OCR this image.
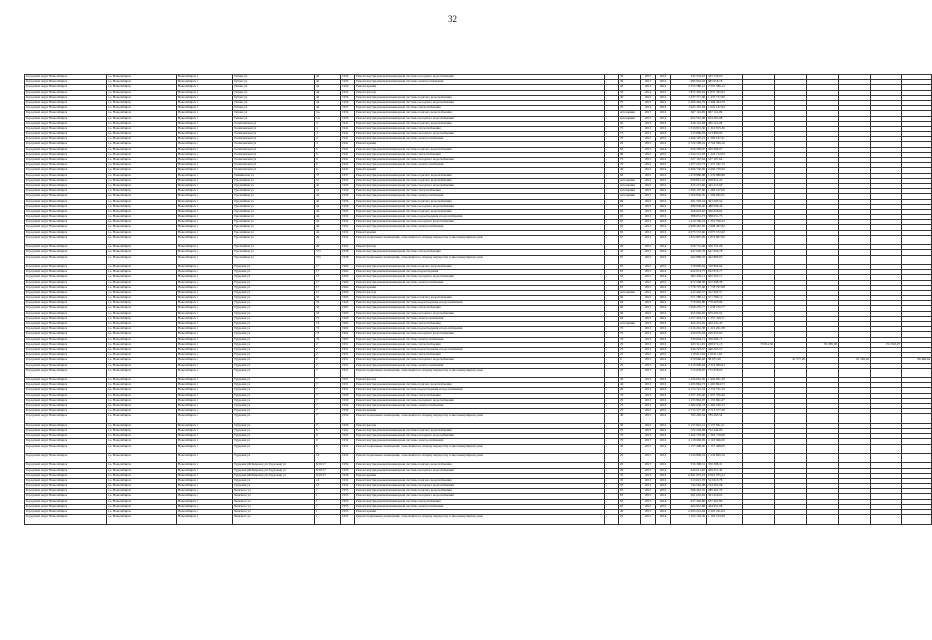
32
Городской округ Новосибирск	г.о. Новосибирск	Новосибирск г	Титова ул	42	1959	Ремонт внутридомовой инженерной системы холодного водоснабжения	-	39	2015	2016	345 534,63	345 534,63						
Городской округ Новосибирск	г.о. Новосибирск	Новосибирск г	Титова ул	42	1959	Ремонт внутридомовой инженерной системы электроснабжения	-	39	2015	2016	685 918,18	685 918,18						
Городской округ Новосибирск	г.о. Новосибирск	Новосибирск г	Титова ул	42	1959	Ремонт крыши	-	43	2014	2016	2 555 586,12	2 555 586,12						
Городской округ Новосибирск	г.о. Новосибирск	Новосибирск г	Титова ул	44	1956	Ремонт фасада	-	35	2014	2016	1 875 365,63	1 875 365,63						
Городской округ Новосибирск	г.о. Новосибирск	Новосибирск г	Титова ул	44	1956	Ремонт внутридомовой инженерной системы горячего водоснабжения	-	40	2015	2016	1 237 717,06	1 237 717,06						
Городской округ Новосибирск	г.о. Новосибирск	Новосибирск г	Титова ул	44	1956	Ремонт внутридомовой инженерной системы холодного водоснабжения	-	70	2015	2016	2 406 464,79	2 406 464,79						
Городской округ Новосибирск	г.о. Новосибирск	Новосибирск г	Титова ул	44	1957	Ремонт внутридомовой инженерной системы теплоснабжения	-	25	2014	2016	1 625 167,04	1 625 167,04						
Городской округ Новосибирск	г.о. Новосибирск	Новосибирск г	Титова ул	5 к	1956	Ремонт внутридомовой инженерной системы горячего водоснабжения	-	истощения	2015	2016	667 116,09	667 116,09						
Городской округ Новосибирск	г.о. Новосибирск	Новосибирск г	Титова ул	5 к	1956	Ремонт внутридомовой инженерной системы холодного водоснабжения	-	истощения	2015	2016	654 591,08	654 591,08						
Городской округ Новосибирск	г.о. Новосибирск	Новосибирск г	Толмачевская ул	4	1941	Ремонт внутридомовой инженерной системы горячего водоснабжения	-	60	2015	2016	436 110,28	436 110,28						
Городской округ Новосибирск	г.о. Новосибирск	Новосибирск г	Толмачевская ул	4	1941	Ремонт внутридомовой инженерной системы теплоснабжения	-	75	2015	2016	1 316 815,36	1 316 815,36						
Городской округ Новосибирск	г.о. Новосибирск	Новосибирск г	Толмачевская ул	4	1941	Ремонт внутридомовой инженерной системы холодного водоснабжения	-	75	2015	2016	513 890,03	513 890,03						
Городской округ Новосибирск	г.о. Новосибирск	Новосибирск г	Толмачевская ул	4	1941	Ремонт внутридомовой инженерной системы электроснабжения	-	70	2015	2016	1 266 197,21	1 266 197,21						
Городской округ Новосибирск	г.о. Новосибирск	Новосибирск г	Толмачевская ул	4	1941	Ремонт крыши	-	20	2015	2016	2 722 599,16	2 722 599,16						
Городской округ Новосибирск	г.о. Новосибирск	Новосибирск г	Толмачевская ул	6	1941	Ремонт внутридомовой инженерной системы горячего водоснабжения	-	65	2015	2016	456 599,07	456 599,07						
Городской округ Новосибирск	г.о. Новосибирск	Новосибирск г	Толмачевская ул	6	1941	Ремонт внутридомовой инженерной системы теплоснабжения	-	80	2015	2016	1 324 712,03	1 324 712,03						
Городской округ Новосибирск	г.о. Новосибирск	Новосибирск г	Толмачевская ул	6	1941	Ремонт внутридомовой инженерной системы холодного водоснабжения	-	75	2015	2016	527 167,64	527 167,64						
Городской округ Новосибирск	г.о. Новосибирск	Новосибирск г	Толмачевская ул	6	1941	Ремонт внутридомовой инженерной системы электроснабжения	-	70	2015	2016	1 257 241,73	1 257 241,73						
Городской округ Новосибирск	г.о. Новосибирск	Новосибирск г	Толмачевская ул	6	1941	Ремонт крыши	-	40	2015	2016	2 666 730,69	2 666 730,69						
Городской округ Новосибирск	г.о. Новосибирск	Новосибирск г	Тихвинская ул	37	1957	Ремонт внутридомовой инженерной системы горячего водоснабжения	-	60	2015	2016	1 279 886,88	1 279 886,88						
Городской округ Новосибирск	г.о. Новосибирск	Новосибирск г	Троллейная ул	51	1950	Ремонт внутридомовой инженерной системы горячего водоснабжения	-	истощения	2015	2016	658 812,22	658 812,22						
Городской округ Новосибирск	г.о. Новосибирск	Новосибирск г	Троллейная ул	41	1950	Ремонт внутридомовой инженерной системы холодного водоснабжения	-	истощения	2015	2016	425 215,60	425 215,60						
Городской округ Новосибирск	г.о. Новосибирск	Новосибирск г	Троллейная ул	41	1950	Ремонт внутридомовой инженерной системы теплоснабжения	-	истощения	2015	2016	1 266 107,06	1 266 107,06						
Городской округ Новосибирск	г.о. Новосибирск	Новосибирск г	Троллейная ул	41	1950	Ремонт внутридомовой инженерной системы электроснабжения	-	истощения	2015	2016	1 306 856,05	1 306 856,05						
Городской округ Новосибирск	г.о. Новосибирск	Новосибирск г	Троллейная ул	42	1956	Ремонт внутридомовой инженерной системы горячего водоснабжения	-	69	2015	2016	361 503,54	361 503,54						
Городской округ Новосибирск	г.о. Новосибирск	Новосибирск г	Троллейная ул	42	1956	Ремонт внутридомовой инженерной системы холодного водоснабжения	-	65	2015	2016	480 936,40	480 936,40						
Городской округ Новосибирск	г.о. Новосибирск	Новосибирск г	Троллейная ул	44	1952	Ремонт внутридомовой инженерной системы горячего водоснабжения	-	65	2015	2016	366 618,62	366 618,62						
Городской округ Новосибирск	г.о. Новосибирск	Новосибирск г	Троллейная ул	44	1952	Ремонт внутридомовой инженерной системы водоотведения и водоснабжения	-	65	2015	2016	388 051,73	388 051,73						
Городской округ Новосибирск	г.о. Новосибирск	Новосибирск г	Троллейная ул	44	1952	Ремонт внутридомовой инженерной системы холодного водоснабжения	-	65	2015	2016	1 210 796,23	1 210 796,23						
Городской округ Новосибирск	г.о. Новосибирск	Новосибирск г	Троллейная ул	44	1952	Ремонт внутридомовой инженерной системы электроснабжения	-	65	2015	2016	2 998 467,82	2 998 467,82						
Городской округ Новосибирск	г.о. Новосибирск	Новосибирск г	Троллейная ул	44	1952	Ремонт крыши	-	65	2015	2016	2 075 572,60	2 075 572,60						
Городской округ Новосибирск	г.о. Новосибирск	Новосибирск г	Троллейная ул	49	1952	Ремонт подвальных помещений, относящихся к общему имуществу в многоквартирном доме	-	67	2015	2016	1 872 807,09	1 872 807,09						
Городской округ Новосибирск	г.о. Новосибирск	Новосибирск г	Троллейная ул	49	1952	Ремонт фасада	-	45	2015	2016	326 731,06	326 731,06						
Городской округ Новосибирск	г.о. Новосибирск	Новосибирск г	Троллейная ул	57а	1958	Ремонт внутридомовой инженерной системы теплоснабжения	-	45	2015	2016	647 626,78	647 626,78						
Городской округ Новосибирск	г.о. Новосибирск	Новосибирск г	Троллейная ул	57а	1958	Ремонт подвальных помещений, относящихся к общему имуществу в многоквартирном доме	-	67	2015	2016	462 889,03	462 889,03						
Городской округ Новосибирск	г.о. Новосибирск	Новосибирск г	Трудовая ул	17	1960	Ремонт внутридомовой инженерной системы горячего водоснабжения	-	65	2015	2016	318 800,64	318 800,64						
Городской округ Новосибирск	г.о. Новосибирск	Новосибирск г	Трудовая ул	17	1960	Ремонт внутридомовой инженерной системы водоотведения	-	65	2015	2016	922 974,77	922 974,77						
Городской округ Новосибирск	г.о. Новосибирск	Новосибирск г	Трудовая ул	17	1960	Ремонт внутридомовой инженерной системы холодного водоснабжения	-	65	2015	2016	602 205,11	602 205,11						
Городской округ Новосибирск	г.о. Новосибирск	Новосибирск г	Трудовая ул	17	1960	Ремонт внутридомовой инженерной системы электроснабжения	-	65	2015	2016	972 268,38	972 268,38						
Городской округ Новосибирск	г.о. Новосибирск	Новосибирск г	Трудовая ул	17	1960	Ремонт крыши	-	65	2015	2016	1 778 707,68	1 778 707,68						
Городской округ Новосибирск	г.о. Новосибирск	Новосибирск г	Трудовая ул	17	1960	Ремонт фасада	-	истощения	2015	2016	412 462,57	412 462,57						
Городской округ Новосибирск	г.о. Новосибирск	Новосибирск г	Трудовая ул	33	1965	Ремонт внутридомовой инженерной системы горячего водоснабжения	-	60	2015	2016	571 780,12	571 780,12						
Городской округ Новосибирск	г.о. Новосибирск	Новосибирск г	Трудовая ул	33	1965	Ремонт внутридомовой инженерной системы водоотведения и водоснабжения	-	60	2015	2016	779 665,86	779 665,86						
Городской округ Новосибирск	г.о. Новосибирск	Новосибирск г	Трудовая ул	33	1965	Ремонт внутридомовой инженерной системы теплоснабжения	-	60	2015	2016	1 658 270,77	1 658 270,77						
Городской округ Новосибирск	г.о. Новосибирск	Новосибирск г	Трудовая ул	33	1965	Ремонт внутридомовой инженерной системы холодного водоснабжения	-	60	2015	2016	655 002,02	655 002,02						
Городской округ Новосибирск	г.о. Новосибирск	Новосибирск г	Трудовая ул	72	1960	Ремонт внутридомовой инженерной системы электроснабжения	-	60	2015	2016	1 257 419,71	1 257 419,71						
Городской округ Новосибирск	г.о. Новосибирск	Новосибирск г	Трудовая ул	74	1962	Ремонт внутридомовой инженерной системы теплоснабжения	-	истощения	2015	2016	462 431,45	462 431,45						
Городской округ Новосибирск	г.о. Новосибирск	Новосибирск г	Трудовая ул	74	1962	Ремонт внутридомовой инженерной системы водоотведения и водоснабжения	-	70	2015	2016	1 216 261,38	1 216 261,38						
Городской округ Новосибирск	г.о. Новосибирск	Новосибирск г	Трудовая ул	74	1962	Ремонт внутридомовой инженерной системы холодного водоснабжения	-	70	2015	2016	220 655,63	220 655,63						
Городской округ Новосибирск	г.о. Новосибирск	Новосибирск г	Трудовая ул	76	1963	Ремонт внутридомовой инженерной системы электроснабжения	-	70	2015	2016	330 694,71	330 694,71						
Городской округ Новосибирск	г.о. Новосибирск	Новосибирск г	Трудовая ул	2	1951	Ремонт внутридомовой инженерной системы теплоснабжения	-	25	2015	2016	263 311,65	268 071,13	79 814,56		81 985,00		151 843,07	
Городской округ Новосибирск	г.о. Новосибирск	Новосибирск г	Трудовая ул	2	1951	Ремонт внутридомовой инженерной системы водоотведения и водоснабжения	-	25	2015	2016	446 323,57	446 323,57						
Городской округ Новосибирск	г.о. Новосибирск	Новосибирск г	Трудовая ул	2	1951	Ремонт внутридомовой инженерной системы теплоснабжения	-	25	2015	2016	119 611,92	119 611,92						
Городской округ Новосибирск	г.о. Новосибирск	Новосибирск г	Трудовая ул	2	1951	Ремонт внутридомовой инженерной системы холодного водоснабжения	-	0	2015	2016	279 966,62	58 971,40		41 577,26		61 592,42		96 469,64
Городской округ Новосибирск	г.о. Новосибирск	Новосибирск г	Трудовая ул	2	1951	Ремонт внутридомовой инженерной системы электроснабжения	-	25	2015	2016	2 316 900,64	2 316 900,64						
Городской округ Новосибирск	г.о. Новосибирск	Новосибирск г	Трудовая ул	7	1951	Ремонт подвальных помещений, относящихся к общему имуществу в многоквартирном доме	-	47	2015	2016	715 678,05	715 678,05						
Городской округ Новосибирск	г.о. Новосибирск	Новосибирск г	Трудовая ул	7	1951	Ремонт фасада	-	40	2015	2016	1 456 691,36	1 456 691,36						
Городской округ Новосибирск	г.о. Новосибирск	Новосибирск г	Трудовая ул	7	1951	Ремонт внутридомовой инженерной системы горячего водоснабжения	-	40	2015	2016	1 265 864,73	1 265 864,73						
Городской округ Новосибирск	г.о. Новосибирск	Новосибирск г	Трудовая ул	7	1951	Ремонт внутридомовой инженерной системы водоотведения и водоснабжения	-	40	2015	2016	2 174 741,34	2 174 741,34						
Городской округ Новосибирск	г.о. Новосибирск	Новосибирск г	Трудовая ул	7	1950	Ремонт внутридомовой инженерной системы теплоснабжения	-	70	2015	2016	1 057 376,46	1 057 376,46						
Городской округ Новосибирск	г.о. Новосибирск	Новосибирск г	Трудовая ул	7	1950	Ремонт внутридомовой инженерной системы холодного водоснабжения	-	25	2015	2016	1 155 861,07	1 155 861,07						
Городской округ Новосибирск	г.о. Новосибирск	Новосибирск г	Трудовая ул	7	1950	Ремонт внутридомовой инженерной системы электроснабжения	-	25	2015	2016	1 482 636,73	1 482 636,73						
Городской округ Новосибирск	г.о. Новосибирск	Новосибирск г	Трудовая ул	7	1950	Ремонт крыши	-	25	2015	2016	2 713 577,28	2 713 577,28						
Городской округ Новосибирск	г.о. Новосибирск	Новосибирск г	Трудовая ул	7	1950	Ремонт подвальных помещений, относящихся к общему имуществу в многоквартирном доме	-	40	2015	2016	785 295,54	785 295,54						
Городской округ Новосибирск	г.о. Новосибирск	Новосибирск г	Трудовая ул	7	1950	Ремонт фасада	-	30	2015	2016	5 157 841,21	5 157 841,21						
Городской округ Новосибирск	г.о. Новосибирск	Новосибирск г	Трудовая ул	9	1952	Ремонт внутридомовой инженерной системы горячего водоснабжения	-	70	2015	2016	722 244,09	722 244,09						
Городской округ Новосибирск	г.о. Новосибирск	Новосибирск г	Трудовая ул	9	1952	Ремонт внутридомовой инженерной системы холодного водоснабжения	-	70	2015	2016	1 362 718,09	1 362 718,09						
Городской округ Новосибирск	г.о. Новосибирск	Новосибирск г	Трудовая ул	9	1952	Ремонт внутридомовой инженерной системы электроснабжения	-	70	2015	2016	2 118 696,09	2 118 696,09						
Городской округ Новосибирск	г.о. Новосибирск	Новосибирск г	Трудовая ул	9	1952	Ремонт подвальных помещений, относящихся к общему имуществу в многоквартирном доме	-	45	2015	2016	1 157 408,00	1 157 408,00						
Городской округ Новосибирск	г.о. Новосибирск	Новосибирск г	Трудовая ул	14	1952	Ремонт подвальных помещений, относящихся к общему имуществу в многоквартирном доме	-	20	2015	2016	1 234 809,19	1 234 809,19						
Городской округ Новосибирск	г.о. Новосибирск	Новосибирск г	Трудовая (Ж/Кирова) (об.Трудовая) ул	8/10/17	1956	Ремонт внутридомовой инженерной системы горячего водоснабжения	-	20	2015	2016	356 398,31	356 398,31						
Городской округ Новосибирск	г.о. Новосибирск	Новосибирск г	Трудовая (Ж/Кирова) (об.Трудовая) ул	8/10/17	1956	Ремонт внутридомовой инженерной системы холодного водоснабжения	-	20	2015	2016	426 611,40	426 611,40						
Городской округ Новосибирск	г.о. Новосибирск	Новосибирск г	Трудовая (Ж/Кирова) (об.Трудовая) ул	8/10/17	1956	Ремонт крыши	-	35	2015	2016	6 991 975,23	6 991 975,23						
Городской округ Новосибирск	г.о. Новосибирск	Новосибирск г	Трудовая ул	14	1952	Ремонт внутридомовой инженерной системы горячего водоснабжения	-	35	2015	2016	513 615,78	513 615,78						
Городской округ Новосибирск	г.о. Новосибирск	Новосибирск г	Трудовая ул	14	1952	Ремонт внутридомовой инженерной системы холодного водоснабжения	-	35	2015	2016	744 562,08	744 562,08						
Городской округ Новосибирск	г.о. Новосибирск	Новосибирск г	Чемского ул	1	1955	Ремонт внутридомовой инженерной системы горячего водоснабжения	-	65	2015	2016	286 491,35	286 491,35						
Городской округ Новосибирск	г.о. Новосибирск	Новосибирск г	Чемского ул	1	1955	Ремонт внутридомовой инженерной системы холодного водоснабжения	-	65	2015	2016	361 610,65	361 610,65						
Городской округ Новосибирск	г.о. Новосибирск	Новосибирск г	Чемского ул	1	1955	Ремонт внутридомовой инженерной системы теплоснабжения	-	65	2015	2016	637 402,86	637 402,86						
Городской округ Новосибирск	г.о. Новосибирск	Новосибирск г	Чемского ул	1	1955	Ремонт внутридомовой инженерной системы электроснабжения	-	65	2015	2016	464 951,68	464 951,68						
Городской округ Новосибирск	г.о. Новосибирск	Новосибирск г	Чемского ул	1	1955	Ремонт крыши	-	40	2015	2016	2 205 241,64	2 205 241,64						
Городской округ Новосибирск	г.о. Новосибирск	Новосибирск г	Чемского ул	1	1955	Ремонт подвальных помещений, относящихся к общему имуществу в многоквартирном доме	-	25	2015	2016	1 193 104,39	1 193 104,39						
